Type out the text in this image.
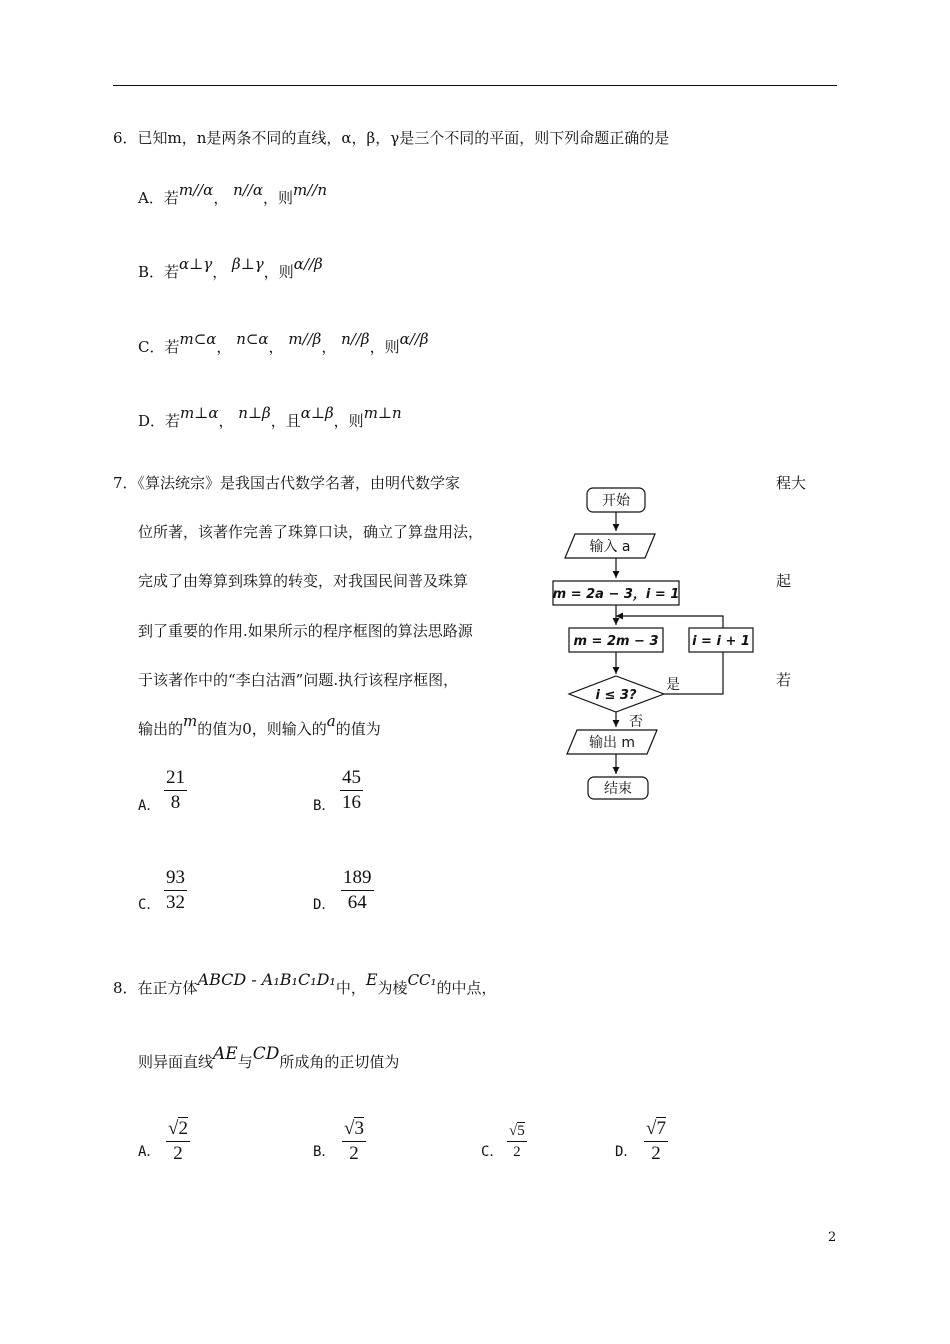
6．已知m，n是两条不同的直线，α，β，γ是三个不同的平面，则下列命题正确的是
A．若m//α， n//α，则m//n
B．若α⊥γ， β⊥γ，则α//β
C．若m⊂α， n⊂α， m//β， n//β，则α//β
D．若m⊥α， n⊥β，且α⊥β，则m⊥n
7．《算法统宗》是我国古代数学名著，由明代数学家	程大
位所著，该著作完善了珠算口诀，确立了算盘用法，
完成了由筹算到珠算的转变，对我国民间普及珠算	起
到了重要的作用.如果所示的程序框图的算法思路源
于该著作中的“李白沽酒”问题.执行该程序框图，	若
输出的m的值为0，则输入的a的值为
A． $\frac{21}{8}$	B． $\frac{45}{16}$
C． $\frac{93}{32}$	D． $\frac{189}{64}$
开始
输入 a
m = 2a − 3，i = 1
m = 2m − 3	i = i + 1
i ≤ 3?
是
否
输出 m
结束
8．在正方体ABCD - A₁B₁C₁D₁中，E为棱CC₁的中点，
则异面直线AE与CD所成角的正切值为
A． $\frac{√2}{2}$	B． $\frac{√3}{2}$	C． $\frac{√5}{2}$	D． $\frac{√7}{2}$
2
